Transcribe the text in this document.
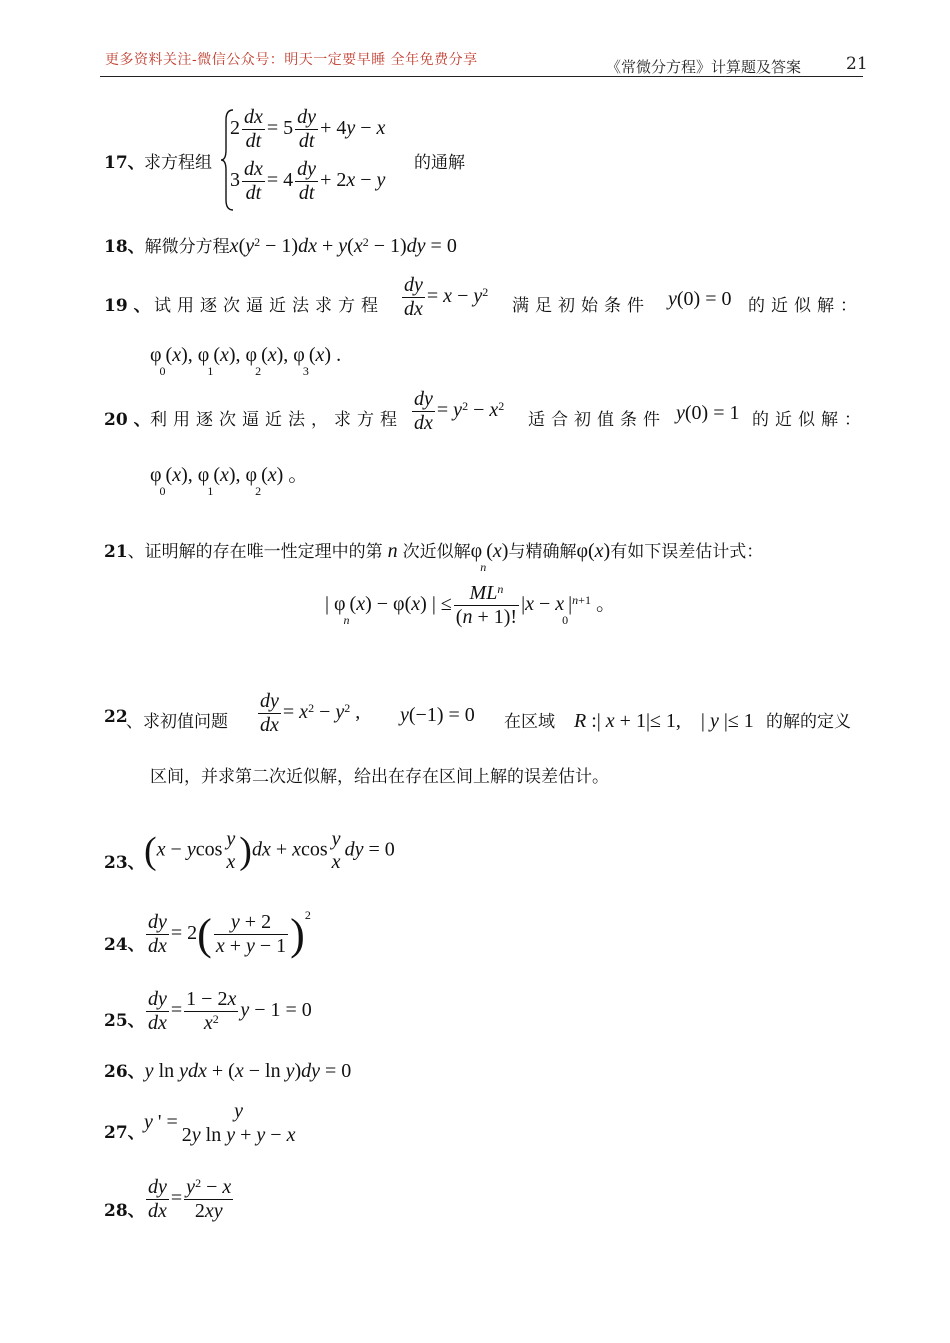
更多资料关注-微信公众号：明天一定要早睡 全年免费分享	《常微分方程》计算题及答案	21
17、 求方程组
$2 \frac{dx}{dt} = 5 \frac{dy}{dt} + 4y - x$
$3 \frac{dx}{dt} = 4 \frac{dy}{dt} + 2x - y$
的通解
18、解微分方程$x(y^2 - 1)dx + y(x^2 - 1)dy = 0$
19 、 试用逐次逼近法求方程 $\frac{dy}{dx} = x - y^2$
满足初始条件 y(0) = 0 的近似解：
$\varphi_0(x)$, $\varphi_1(x)$, $\varphi_2(x)$, $\varphi_3(x)$ .
20 、 利用逐次逼近法，求方程 $\frac{dy}{dx} = y^2 - x^2$
适合初值条件 y(0) = 1 的近似解：
$\varphi_0(x)$, $\varphi_1(x)$, $\varphi_2(x)$ 。
21、证明解的存在唯一性定理中的第 n 次近似解$\varphi_n(x)$与精确解φ(x)有如下误差估计式：
| $\varphi_n(x) - \varphi(x)$ | ≤ $\frac{ML^n}{(n + 1)!} |x - x_0|^{n+1}$ 。
22
、求初值问题 $\frac{dy}{dx} = x^2 - y^2$ , y(−1) = 0 在区域 R :| x + 1|≤ 1,　| y |≤ 1 的解的定义
区间，并求第二次近似解，给出在存在区间上解的误差估计。
23、 (x − ycos y
x )dx + xcos y
x
dy = 0
24、 $\frac{dy}{dx} = 2( \frac{y + 2}{x + y - 1} )^2$
25、 $\frac{dy}{dx} = \frac{1 - 2x}{x^2}$ y − 1 = 0
26、y ln ydx + (x − ln y)dy = 0
27、 y ' =
y
2y ln y + y − x
28、 $\frac{dy}{dx} = \frac{y^2 - x}{2xy}$
